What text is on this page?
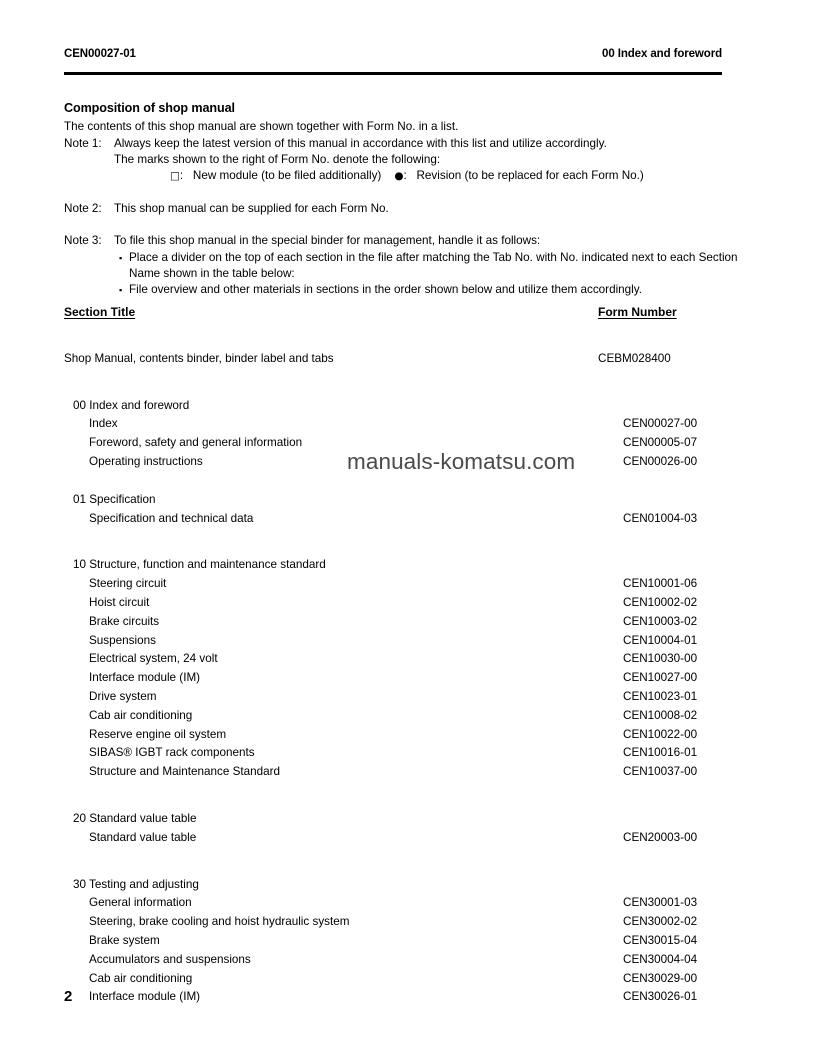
CEN00027-01	00 Index and foreword
Composition of shop manual
The contents of this shop manual are shown together with Form No. in a list.
Note 1:	Always keep the latest version of this manual in accordance with this list and utilize accordingly.
The marks shown to the right of Form No. denote the following:
□:   New module (to be filed additionally) ●:   Revision (to be replaced for each Form No.)
Note 2:	This shop manual can be supplied for each Form No.
Note 3:	To file this shop manual in the special binder for management, handle it as follows:
▪ Place a divider on the top of each section in the file after matching the Tab No. with No. indicated next to each Section Name shown in the table below:
▪ File overview and other materials in sections in the order shown below and utilize them accordingly.
Section Title	Form Number
Shop Manual, contents binder, binder label and tabs	CEBM028400
00 Index and foreword
Index	CEN00027-00
Foreword, safety and general information	CEN00005-07
Operating instructions	CEN00026-00
01 Specification
Specification and technical data	CEN01004-03
10 Structure, function and maintenance standard
Steering circuit	CEN10001-06
Hoist circuit	CEN10002-02
Brake circuits	CEN10003-02
Suspensions	CEN10004-01
Electrical system, 24 volt	CEN10030-00
Interface module (IM)	CEN10027-00
Drive system	CEN10023-01
Cab air conditioning	CEN10008-02
Reserve engine oil system	CEN10022-00
SIBAS® IGBT rack components	CEN10016-01
Structure and Maintenance Standard	CEN10037-00
20 Standard value table
Standard value table	CEN20003-00
30 Testing and adjusting
General information	CEN30001-03
Steering, brake cooling and hoist hydraulic system	CEN30002-02
Brake system	CEN30015-04
Accumulators and suspensions	CEN30004-04
Cab air conditioning	CEN30029-00
Interface module (IM)	CEN30026-01
manuals-komatsu.com
2
